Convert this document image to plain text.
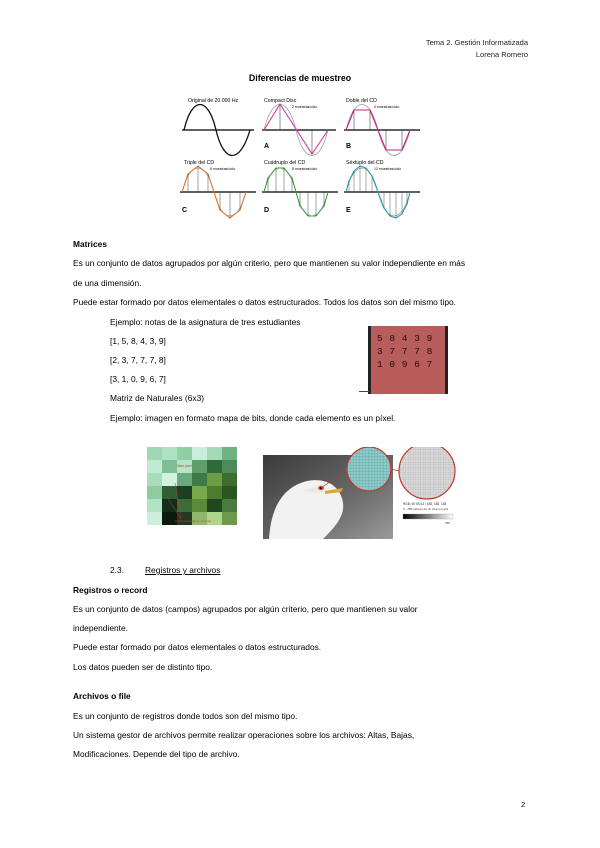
Tema 2. Gestión Informatizada
Lorena Romero
Diferencias de muestreo
Original de 20.000 Hz	Compact Disc
2 muestras/ciclo
A
Doble del CD
4 muestras/ciclo
B
Triple del CD
6 muestras/ciclo
C
Cuádruplo del CD
8 muestras/ciclo
D
Séxtuplo del CD
12 muestras/ciclo
E
Matrices
Es un conjunto de datos agrupados por algún criterio, pero que mantienen su valor independiente en más
de una dimensión.
Puede estar formado por datos elementales o datos estructurados. Todos los datos son del mismo tipo.
Ejemplo: notas de la asignatura de tres estudiantes
[1, 5, 8, 4, 3, 9]
[2, 3, 7, 7, 7, 8]
[3, 1, 0, 9, 6, 7]
Matriz de Naturales (6x3)
5 8 4 3 9
3 7 7 7 8
1 0 9 6 7
Ejemplo: imagen en formato mapa de bits, donde cada elemento es un píxel.
Valor pixel
Cada cuadrado es un píxel
RGB: 60 65 63 / 188, 188, 188
0 - 255 valores de un píxel en gris
255
2.3.	Registros y archivos
Registros o record
Es un conjunto de datos (campos) agrupados por algún criterio, pero que mantienen su valor
independiente.
Puede estar formado por datos elementales o datos estructurados.
Los datos pueden ser de distinto tipo.
Archivos o file
Es un conjunto de registros donde todos son del mismo tipo.
Un sistema gestor de archivos permite realizar operaciones sobre los archivos: Altas, Bajas,
Modificaciones. Depende del tipo de archivo.
2
